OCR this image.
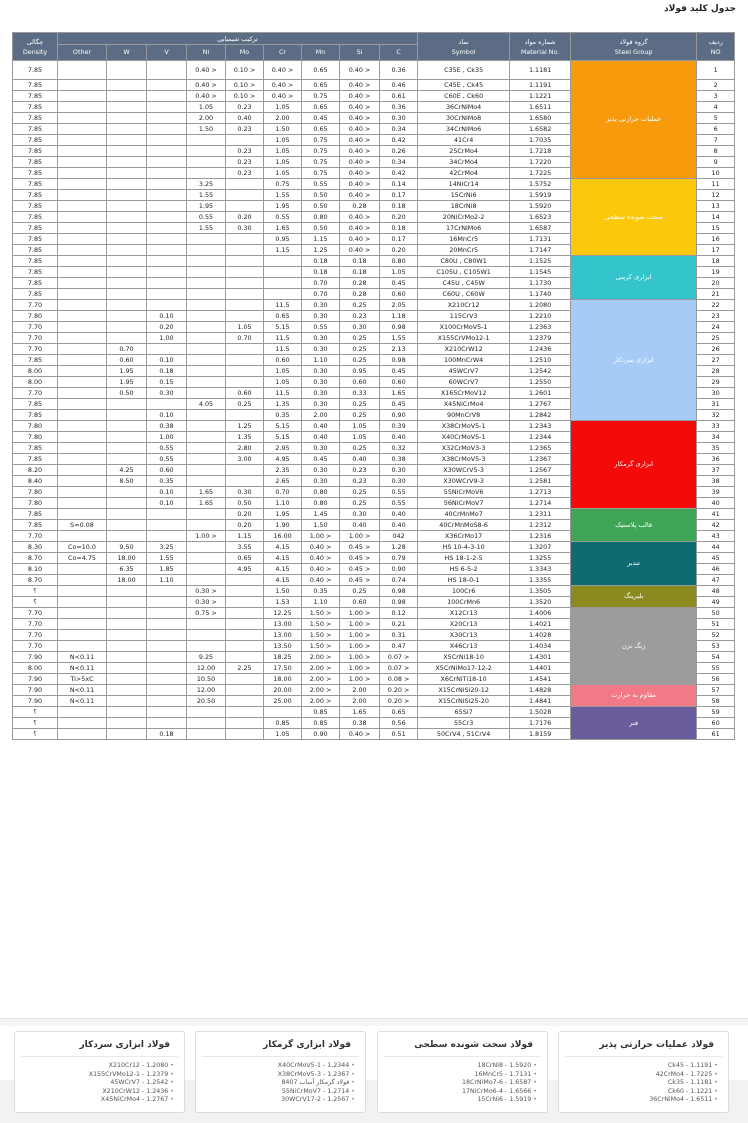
جدول کلید فولاد
چگالی
Density	ترکیب شیمیایی									نماد
Symbol	شماره مواد
Material No.	گروه فولاد
Steel Group	ردیف
NO
	Other	W	V	Ni	Mo	Cr	Mn	Si	C				
7.85				0.40 >	0.10 >	0.40 >	0.65	0.40 >	0.36	C35E , Ck35	1.1181	عملیات حرارتی پذیر	1
7.85				0.40 >	0.10 >	0.40 >	0.65	0.40 >	0.46	C45E , Ck45	1.1191		2
7.85				0.40 >	0.10 >	0.40 >	0.75	0.40 >	0.61	C60E , Ck60	1.1221		3
7.85				1.05	0.23	1.05	0.65	0.40 >	0.36	36CrNiMo4	1.6511		4
7.85				2.00	0.40	2.00	0.45	0.40 >	0.30	30CrNiMo8	1.6580		5
7.85				1.50	0.23	1.50	0.65	0.40 >	0.34	34CrNiMo6	1.6582		6
7.85						1.05	0.75	0.40 >	0.42	41Cr4	1.7035		7
7.85					0.23	1.05	0.75	0.40 >	0.26	25CrMo4	1.7218		8
7.85					0.23	1.05	0.75	0.40 >	0.34	34CrMo4	1.7220		9
7.85					0.23	1.05	0.75	0.40 >	0.42	42CrMo4	1.7225		10
7.85				3.25		0.75	0.55	0.40 >	0.14	14NiCr14	1.5752	سخت شونده سطحی	11
7.85				1.55		1.55	0.50	0.40 >	0.17	15CrNi6	1.5919		12
7.85				1.95		1.95	0.50	0.28	0.18	18CrNi8	1.5920		13
7.85				0.55	0.20	0.55	0.80	0.40 >	0.20	20NiCrMo2-2	1.6523		14
7.85				1.55	0.30	1.65	0.50	0.40 >	0.18	17CrNiMo6	1.6587		15
7.85						0.95	1.15	0.40 >	0.17	16MnCr5	1.7131		16
7.85						1.15	1.25	0.40 >	0.20	20MnCr5	1.7147		17
7.85							0.18	0.18	0.80	C80U , C80W1	1.1525	ابزاری کربنی	18
7.85							0.18	0.18	1.05	C105U , C105W1	1.1545		19
7.85							0.70	0.28	0.45	C45U , C45W	1.1730		20
7.85							0.70	0.28	0.60	C60U , C60W	1.1740		21
7.70						11.5	0.30	0.25	2.05	X210Cr12	1.2080	ابزاری سردکار	22
7.80			0.10			0.65	0.30	0.23	1.18	115CrV3	1.2210		23
7.70			0.20		1.05	5.15	0.55	0.30	0.98	X100CrMoV5-1	1.2363		24
7.70			1.00		0.70	11.5	0.30	0.25	1.55	X155CrVMo12-1	1.2379		25
7.70		0.70				11.5	0.30	0.25	2.13	X210CrW12	1.2436		26
7.85		0.60	0.10			0.60	1.10	0.25	0.98	100MnCrW4	1.2510		27
8.00		1.95	0.18			1.05	0.30	0.95	0.45	45WCrV7	1.2542		28
8.00		1.95	0.15			1.05	0.30	0.60	0.60	60WCrV7	1.2550		29
7.70		0.50	0.30		0.60	11.5	0.30	0.33	1.65	X165CrMoV12	1.2601		30
7.85				4.05	0.25	1.35	0.30	0.25	0.45	X45NiCrMo4	1.2767		31
7.85			0.10			0.35	2.00	0.25	0.90	90MnCrV8	1.2842		32
7.80			0.38		1.25	5.15	0.40	1.05	0.39	X38CrMoV5-1	1.2343	ابزاری گرمکار	33
7.80			1.00		1.35	5.15	0.40	1.05	0.40	X40CrMoV5-1	1.2344		34
7.85			0.55		2.80	2.95	0.30	0.25	0.32	X32CrMoV3-3	1.2365		35
7.85			0.55		3.00	4.95	0.45	0.40	0.38	X38CrMoV5-3	1.2367		36
8.20		4.25	0.60			2.35	0.30	0.23	0.30	X30WCrV5-3	1.2567		37
8.40		8.50	0.35			2.65	0.30	0.23	0.30	X30WCrV9-3	1.2581		38
7.80			0.10	1.65	0.30	0.70	0.80	0.25	0.55	55NiCrMoV6	1.2713		39
7.80			0.10	1.65	0.50	1.10	0.80	0.25	0.55	56NiCrMoV7	1.2714		40
7.85					0.20	1.95	1.45	0.30	0.40	40CrMnMo7	1.2311	قالب پلاستیک	41
7.85	S=0.08				0.20	1.90	1.50	0.40	0.40	40CrMnMoS8-6	1.2312		42
7.70				1.00 >	1.15	16.00	1.00 >	1.00 >	042	X36CrMo17	1.2316		43
8.30	Co=10.0	9.50	3.25		3.55	4.15	0.40 >	0.45 >	1.28	HS 10-4-3-10	1.3207	تندبر	44
8.70	Co=4.75	18.00	1.55		0.65	4.15	0.40 >	0.45 >	0.79	HS 18-1-2-5	1.3255		45
8.10		6.35	1.85		4.95	4.15	0.40 >	0.45 >	0.90	HS 6-5-2	1.3343		46
8.70		18.00	1.10			4.15	0.40 >	0.45 >	0.74	HS 18-0-1	1.3355		47
؟				0.30 >		1.50	0.35	0.25	0.98	100Cr6	1.3505	بلبرینگ	48
؟				0.30 >		1.53	1.10	0.60	0.98	100CrMn6	1.3520		49
7.70				0.75 >		12.25	1.50 >	1.00 >	0.12	X12Cr13	1.4006	زنگ نزن	50
7.70						13.00	1.50 >	1.00 >	0.21	X20Cr13	1.4021		51
7.70						13.00	1.50 >	1.00 >	0.31	X30Cr13	1.4028		52
7.70						13.50	1.50 >	1.00 >	0.47	X46Cr13	1.4034		53
7.90	N<0.11			9.25		18.25	2.00 >	1.00 >	0.07 >	X5CrNi18-10	1.4301		54
8.00	N<0.11			12.00	2.25	17.50	2.00 >	1.00 >	0.07 >	X5CrNiMo17-12-2	1.4401		55
7.90	Ti>5xC			10.50		18.00	2.00 >	1.00 >	0.08 >	X6CrNiTi18-10	1.4541		56
7.90	N<0.11			12.00		20.00	2.00 >	2.00	0.20 >	X15CrNiSi20-12	1.4828	مقاوم به حرارت	57
7.90	N<0.11			20.50		25.00	2.00 >	2.00	0.20 >	X15CrNiSi25-20	1.4841		58
؟							0.85	1.65	0.65	65Si7	1.5028	فنر	59
؟						0.85	0.85	0.38	0.56	55Cr3	1.7176		60
؟			0.18			1.05	0.90	0.40 >	0.51	50CrV4 , 51CrV4	1.8159		61
فولاد عملیات حرارتی پذیر
Ck45 - 1.1191 •
42CrMo4 - 1.7225 •
Ck35 - 1.1181 •
Ck60 - 1.1221 •
36CrNiMo4 - 1.6511 •
فولاد سخت شونده سطحی
18CrNi8 - 1.5920 •
16MnCr5 - 1.7131 •
18CrNiMo7-6 - 1.6587 •
17NiCrMo6-4 - 1.6566 •
15CrNi6 - 1.5919 •
فولاد ابزاری گرمکار
X40CrMoV5-1 - 1.2344 •
X38CrMoV5-3 - 1.2367 •
فولاد گرمکار آساب 8407 •
55NiCrMoV7 - 1.2714 •
30WCrV17-2 - 1.2567 •
فولاد ابزاری سردکار
X210Cr12 - 1.2080 •
X155CrVMo12-1 - 1.2379 •
45WCrV7 - 1.2542 •
X210CrW12 - 1.2436 •
X45NiCrMo4 - 1.2767 •
